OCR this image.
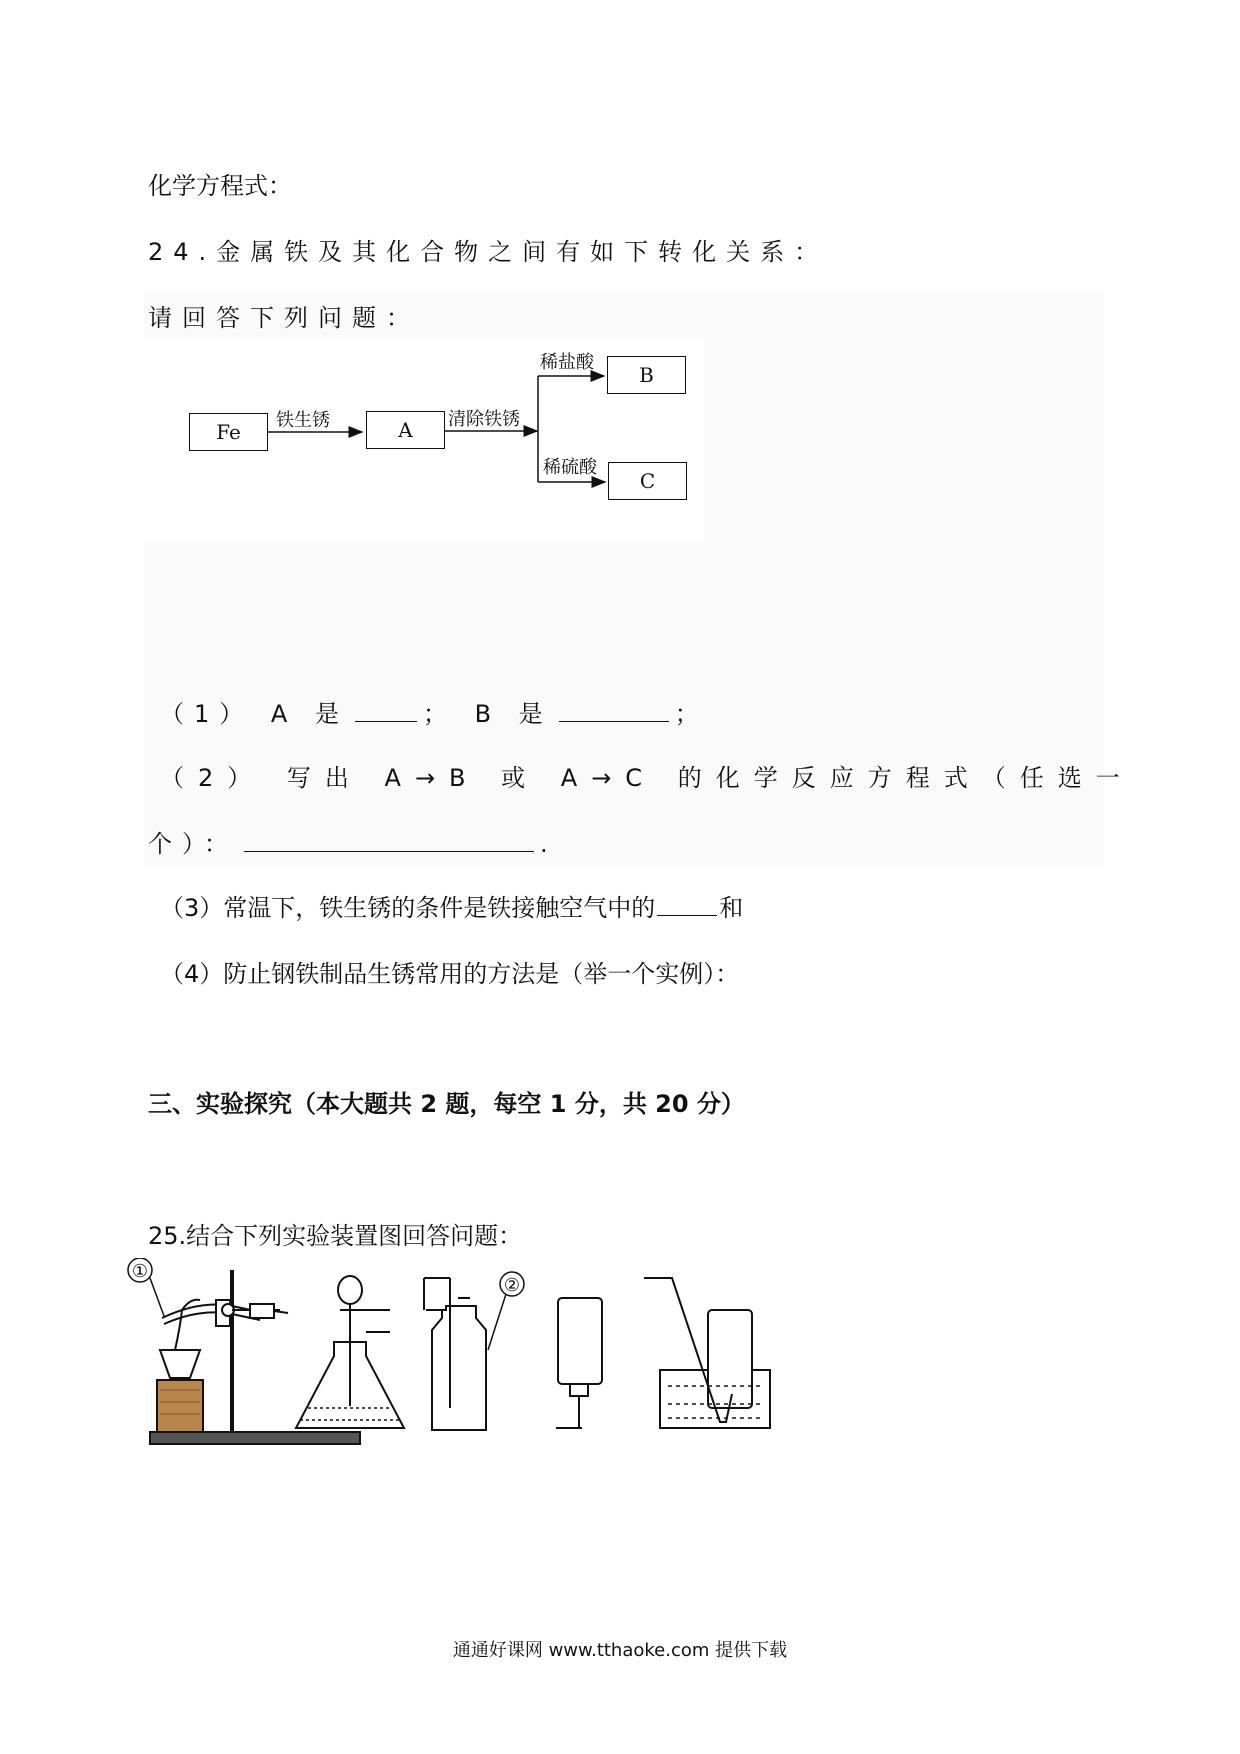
化学方程式：
24.金属铁及其化合物之间有如下转化关系：
请回答下列问题：
Fe	A
B
C
铁生锈	清除铁锈
稀盐酸
稀硫酸
（1） A 是	； B 是	；
（2） 写出 A→B 或 A→C 的化学反应方程式（任选一
个）：	.
（3）常温下，铁生锈的条件是铁接触空气中的	和
（4）防止钢铁制品生锈常用的方法是（举一个实例）：
三、实验探究（本大题共 2 题，每空 1 分，共 20 分）
25.结合下列实验装置图回答问题：
①
②
通通好课网 www.tthaoke.com 提供下载
